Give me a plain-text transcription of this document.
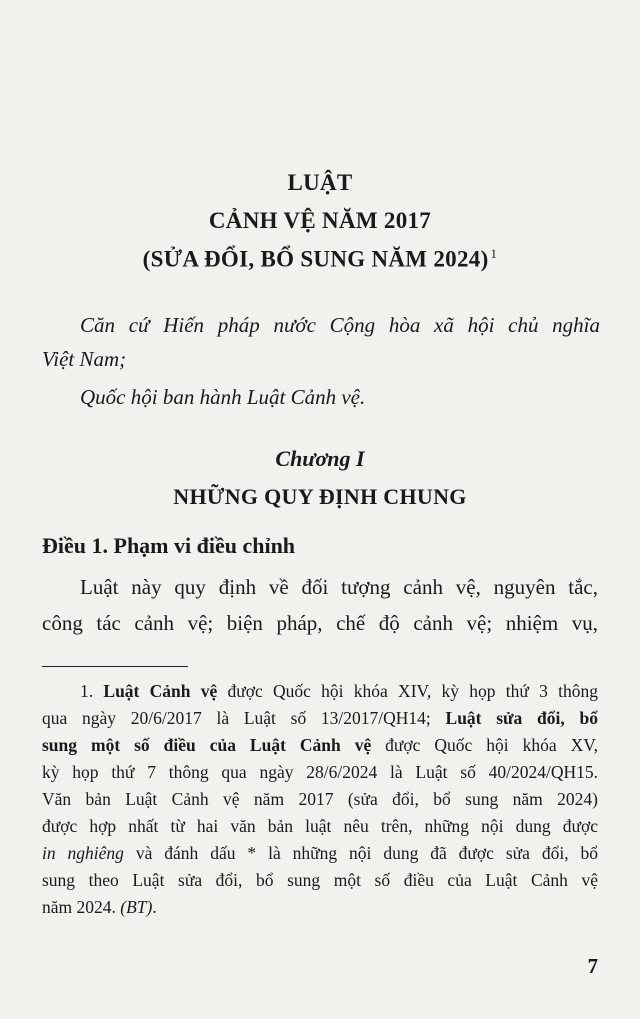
LUẬT
CẢNH VỆ NĂM 2017
(SỬA ĐỔI, BỔ SUNG NĂM 2024) $^1$
Căn cứ Hiến pháp nước Cộng hòa xã hội chủ nghĩa
Việt Nam;
Quốc hội ban hành Luật Cảnh vệ.
Chương I
NHỮNG QUY ĐỊNH CHUNG
Điều 1. Phạm vi điều chỉnh
Luật này quy định về đối tượng cảnh vệ, nguyên tắc,
công tác cảnh vệ; biện pháp, chế độ cảnh vệ; nhiệm vụ,
1. Luật Cảnh vệ được Quốc hội khóa XIV, kỳ họp thứ 3 thông
qua ngày 20/6/2017 là Luật số 13/2017/QH14; Luật sửa đổi, bổ
sung một số điều của Luật Cảnh vệ được Quốc hội khóa XV,
kỳ họp thứ 7 thông qua ngày 28/6/2024 là Luật số 40/2024/QH15.
Văn bản Luật Cảnh vệ năm 2017 (sửa đổi, bổ sung năm 2024)
được hợp nhất từ hai văn bản luật nêu trên, những nội dung được
in nghiêng và đánh dấu * là những nội dung đã được sửa đổi, bổ
sung theo Luật sửa đổi, bổ sung một số điều của Luật Cảnh vệ
năm 2024. (BT).
7
